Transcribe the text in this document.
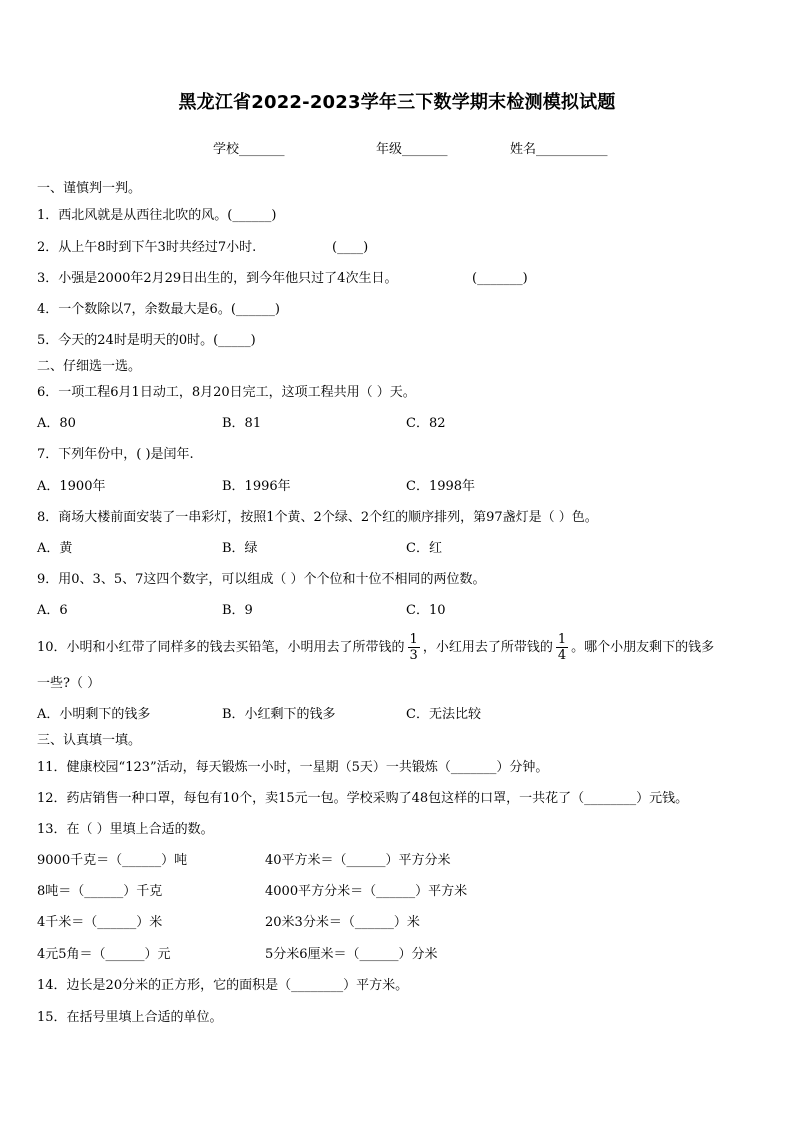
黑龙江省2022-2023学年三下数学期末检测模拟试题
学校_______	年级_______	姓名___________
一、谨慎判一判。
1．西北风就是从西往北吹的风。(______)
2．从上午8时到下午3时共经过7小时.	(____)
3．小强是2000年2月29日出生的，到今年他只过了4次生日。	(_______)
4．一个数除以7，余数最大是6。(______)
5．今天的24时是明天的0时。(_____)
二、仔细选一选。
6．一项工程6月1日动工，8月20日完工，这项工程共用（ ）天。
A．80	B．81	C．82
7．下列年份中，( )是闰年.
A．1900年	B．1996年	C．1998年
8．商场大楼前面安装了一串彩灯，按照1个黄、2个绿、2个红的顺序排列，第97盏灯是（ ）色。
A．黄	B．绿	C．红
9．用0、3、5、7这四个数字，可以组成（ ）个个位和十位不相同的两位数。
A．6	B．9	C．10
10．小明和小红带了同样多的钱去买铅笔，小明用去了所带钱的 $\frac{1}{3}$ ，小红用去了所带钱的 $\frac{1}{4}$ 。哪个小朋友剩下的钱多
一些?（ ）
A．小明剩下的钱多	B．小红剩下的钱多	C．无法比较
三、认真填一填。
11．健康校园“123”活动，每天锻炼一小时，一星期（5天）一共锻炼（_______）分钟。
12．药店销售一种口罩，每包有10个，卖15元一包。学校采购了48包这样的口罩，一共花了（________）元钱。
13．在（ ）里填上合适的数。
9000千克＝（______）吨	40平方米＝（______）平方分米
8吨＝（______）千克	4000平方分米＝（______）平方米
4千米＝（______）米	20米3分米＝（______）米
4元5角＝（______）元	5分米6厘米＝（______）分米
14．边长是20分米的正方形，它的面积是（________）平方米。
15．在括号里填上合适的单位。
